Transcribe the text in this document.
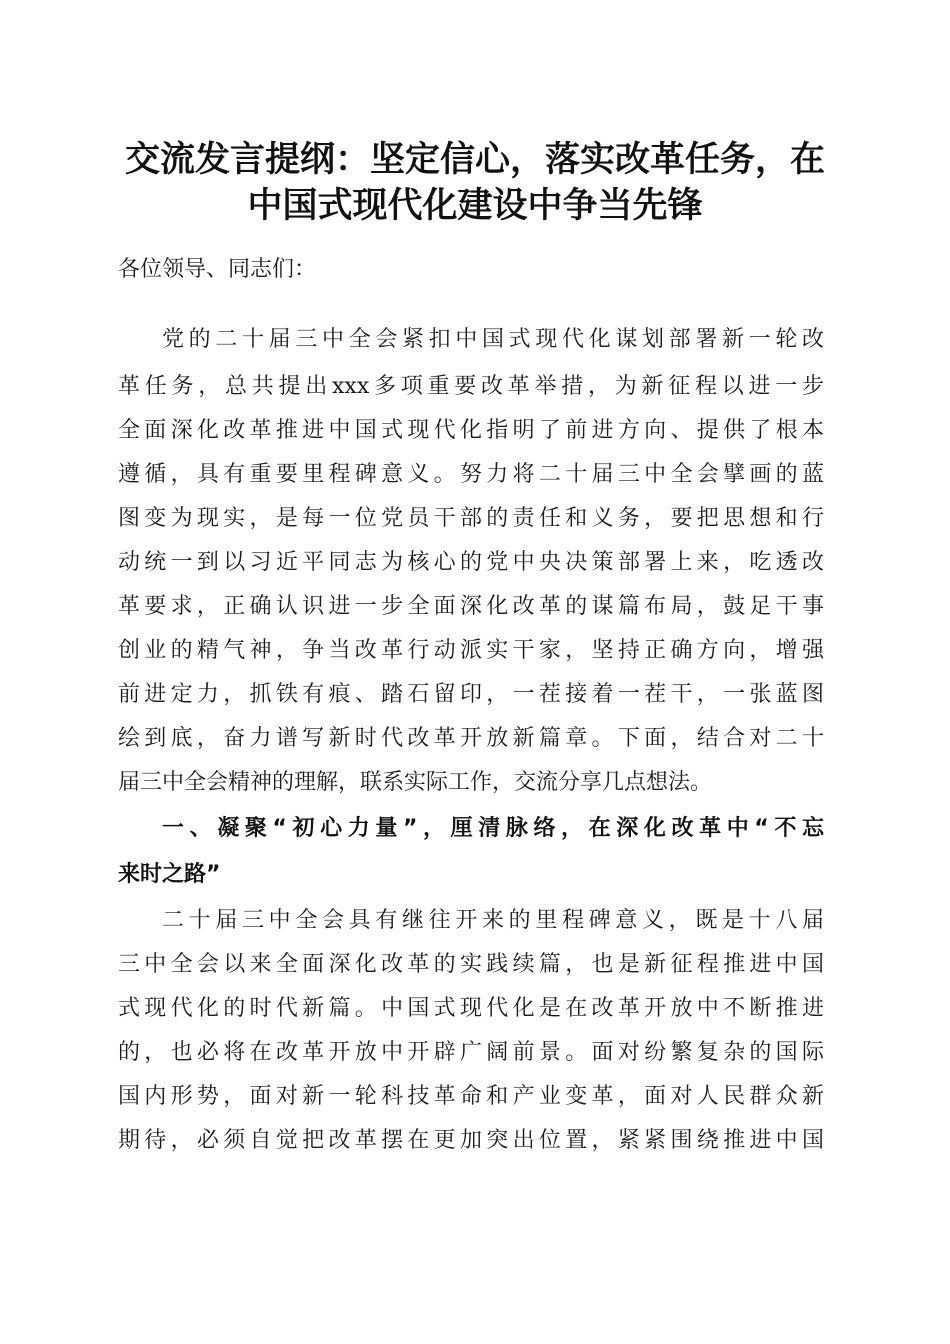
交流发言提纲：坚定信心，落实改革任务，在
中国式现代化建设中争当先锋
各位领导、同志们：
党的二十届三中全会紧扣中国式现代化谋划部署新一轮改
革任务，总共提出xxx多项重要改革举措，为新征程以进一步
全面深化改革推进中国式现代化指明了前进方向、提供了根本
遵循，具有重要里程碑意义。努力将二十届三中全会擘画的蓝
图变为现实，是每一位党员干部的责任和义务，要把思想和行
动统一到以习近平同志为核心的党中央决策部署上来，吃透改
革要求，正确认识进一步全面深化改革的谋篇布局，鼓足干事
创业的精气神，争当改革行动派实干家，坚持正确方向，增强
前进定力，抓铁有痕、踏石留印，一茬接着一茬干，一张蓝图
绘到底，奋力谱写新时代改革开放新篇章。下面，结合对二十
届三中全会精神的理解，联系实际工作，交流分享几点想法。
一、凝聚“初心力量”，厘清脉络，在深化改革中“不忘
来时之路”
二十届三中全会具有继往开来的里程碑意义，既是十八届
三中全会以来全面深化改革的实践续篇，也是新征程推进中国
式现代化的时代新篇。中国式现代化是在改革开放中不断推进
的，也必将在改革开放中开辟广阔前景。面对纷繁复杂的国际
国内形势，面对新一轮科技革命和产业变革，面对人民群众新
期待，必须自觉把改革摆在更加突出位置，紧紧围绕推进中国
